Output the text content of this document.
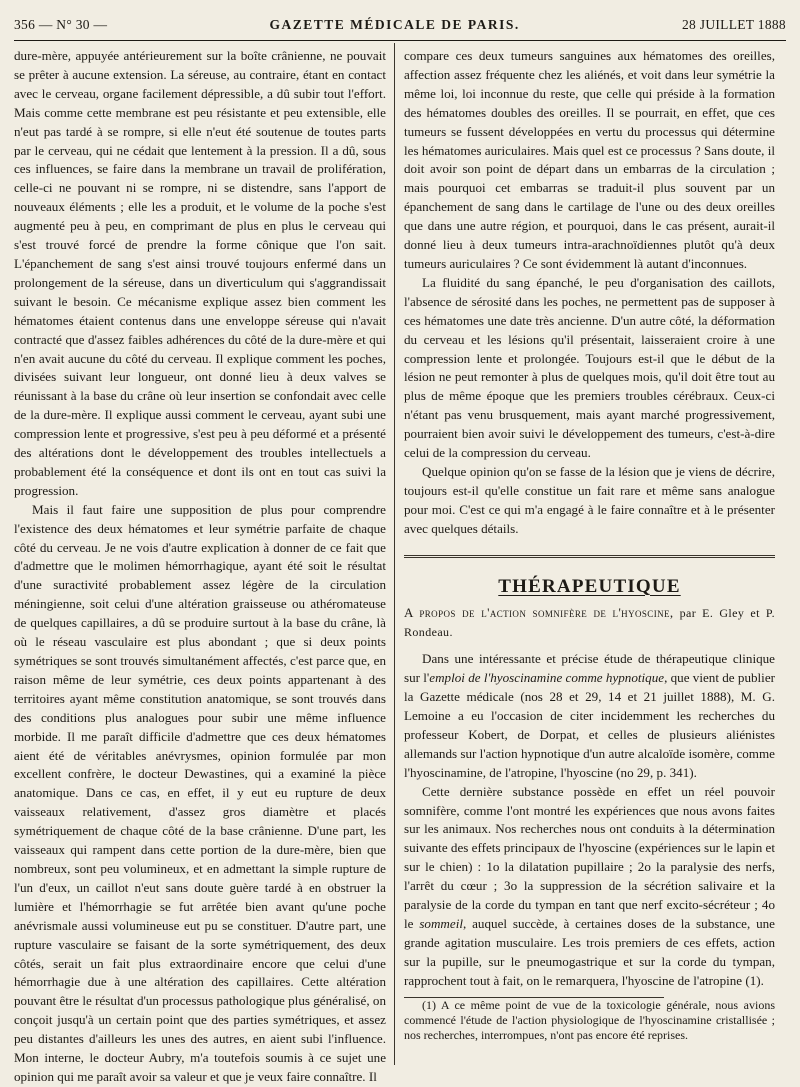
356 — N° 30 —	GAZETTE MÉDICALE DE PARIS.	28 JUILLET 1888

dure-mère, appuyée antérieurement sur la boîte crânienne, ne pouvait se prêter à aucune extension. La séreuse, au contraire, étant en contact avec le cerveau, organe facilement dépressible, a dû subir tout l'effort. Mais comme cette membrane est peu résistante et peu extensible, elle n'eut pas tardé à se rompre, si elle n'eut été soutenue de toutes parts par le cerveau, qui ne cédait que lentement à la pression. Il a dû, sous ces influences, se faire dans la membrane un travail de prolifération, celle-ci ne pouvant ni se rompre, ni se distendre, sans l'apport de nouveaux éléments ; elle les a produit, et le volume de la poche s'est augmenté peu à peu, en comprimant de plus en plus le cerveau qui s'est trouvé forcé de prendre la forme cônique que l'on sait. L'épanchement de sang s'est ainsi trouvé toujours enfermé dans un prolongement de la séreuse, dans un diverticulum qui s'aggrandissait suivant le besoin. Ce mécanisme explique assez bien comment les hématomes étaient contenus dans une enveloppe séreuse qui n'avait contracté que d'assez faibles adhérences du côté de la dure-mère et qui n'en avait aucune du côté du cerveau. Il explique comment les poches, divisées suivant leur longueur, ont donné lieu à deux valves se réunissant à la base du crâne où leur insertion se confondait avec celle de la dure-mère. Il explique aussi comment le cerveau, ayant subi une compression lente et progressive, s'est peu à peu déformé et a présenté des altérations dont le développement des troubles intellectuels a probablement été la conséquence et dont ils ont en tout cas suivi la progression.

Mais il faut faire une supposition de plus pour comprendre l'existence des deux hématomes et leur symétrie parfaite de chaque côté du cerveau. Je ne vois d'autre explication à donner de ce fait que d'admettre que le molimen hémorrhagique, ayant été soit le résultat d'une suractivité probablement assez légère de la circulation méningienne, soit celui d'une altération graisseuse ou athéromateuse de quelques capillaires, a dû se produire surtout à la base du crâne, là où le réseau vasculaire est plus abondant ; que si deux points symétriques se sont trouvés simultanément affectés, c'est parce que, en raison même de leur symétrie, ces deux points appartenant à des territoires ayant même constitution anatomique, se sont trouvés dans des conditions plus analogues pour subir une même influence morbide. Il me paraît difficile d'admettre que ces deux hématomes aient été de véritables anévrysmes, opinion formulée par mon excellent confrère, le docteur Dewastines, qui a examiné la pièce anatomique. Dans ce cas, en effet, il y eut eu rupture de deux vaisseaux relativement, d'assez gros diamètre et placés symétriquement de chaque côté de la base crânienne. D'une part, les vaisseaux qui rampent dans cette portion de la dure-mère, bien que nombreux, sont peu volumineux, et en admettant la simple rupture de l'un d'eux, un caillot n'eut sans doute guère tardé à en obstruer la lumière et l'hémorrhagie se fut arrêtée bien avant qu'une poche anévrismale aussi volumineuse eut pu se constituer. D'autre part, une rupture vasculaire se faisant de la sorte symétriquement, des deux côtés, serait un fait plus extraordinaire encore que celui d'une hémorrhagie due à une altération des capillaires. Cette altération pouvant être le résultat d'un processus pathologique plus généralisé, on conçoit jusqu'à un certain point que des parties symétriques, et assez peu distantes d'ailleurs les unes des autres, en aient subi l'influence. Mon interne, le docteur Aubry, m'a toutefois soumis à ce sujet une opinion qui me paraît avoir sa valeur et que je veux faire connaître. Il

compare ces deux tumeurs sanguines aux hématomes des oreilles, affection assez fréquente chez les aliénés, et voit dans leur symétrie la même loi, loi inconnue du reste, que celle qui préside à la formation des hématomes doubles des oreilles. Il se pourrait, en effet, que ces tumeurs se fussent développées en vertu du processus qui détermine les hématomes auriculaires. Mais quel est ce processus ? Sans doute, il doit avoir son point de départ dans un embarras de la circulation ; mais pourquoi cet embarras se traduit-il plus souvent par un épanchement de sang dans le cartilage de l'une ou des deux oreilles que dans une autre région, et pourquoi, dans le cas présent, aurait-il donné lieu à deux tumeurs intra-arachnoïdiennes plutôt qu'à deux tumeurs auriculaires ? Ce sont évidemment là autant d'inconnues.

La fluidité du sang épanché, le peu d'organisation des caillots, l'absence de sérosité dans les poches, ne permettent pas de supposer à ces hématomes une date très ancienne. D'un autre côté, la déformation du cerveau et les lésions qu'il présentait, laisseraient croire à une compression lente et prolongée. Toujours est-il que le début de la lésion ne peut remonter à plus de quelques mois, qu'il doit être tout au plus de même époque que les premiers troubles cérébraux. Ceux-ci n'étant pas venu brusquement, mais ayant marché progressivement, pourraient bien avoir suivi le développement des tumeurs, c'est-à-dire celui de la compression du cerveau.

Quelque opinion qu'on se fasse de la lésion que je viens de décrire, toujours est-il qu'elle constitue un fait rare et même sans analogue pour moi. C'est ce qui m'a engagé à le faire connaître et à le présenter avec quelques détails.

THÉRAPEUTIQUE

A propos de l'action somnifère de l'hyoscine, par E. Gley et P. Rondeau.

Dans une intéressante et précise étude de thérapeutique clinique sur l'emploi de l'hyoscinamine comme hypnotique, que vient de publier la Gazette médicale (nos 28 et 29, 14 et 21 juillet 1888), M. G. Lemoine a eu l'occasion de citer incidemment les recherches du professeur Kobert, de Dorpat, et celles de plusieurs aliénistes allemands sur l'action hypnotique d'un autre alcaloïde isomère, comme l'hyoscinamine, de l'atropine, l'hyoscine (no 29, p. 341).

Cette dernière substance possède en effet un réel pouvoir somnifère, comme l'ont montré les expériences que nous avons faites sur les animaux. Nos recherches nous ont conduits à la détermination suivante des effets principaux de l'hyoscine (expériences sur le lapin et sur le chien) : 1o la dilatation pupillaire ; 2o la paralysie des nerfs, l'arrêt du cœur ; 3o la suppression de la sécrétion salivaire et la paralysie de la corde du tympan en tant que nerf excito-sécréteur ; 4o le sommeil, auquel succède, à certaines doses de la substance, une grande agitation musculaire. Les trois premiers de ces effets, action sur la pupille, sur le pneumogastrique et sur la corde du tympan, rapprochent tout à fait, on le remarquera, l'hyoscine de l'atropine (1).

(1) A ce même point de vue de la toxicologie générale, nous avions commencé l'étude de l'action physiologique de l'hyoscinamine cristallisée ; nos recherches, interrompues, n'ont pas encore été reprises.
